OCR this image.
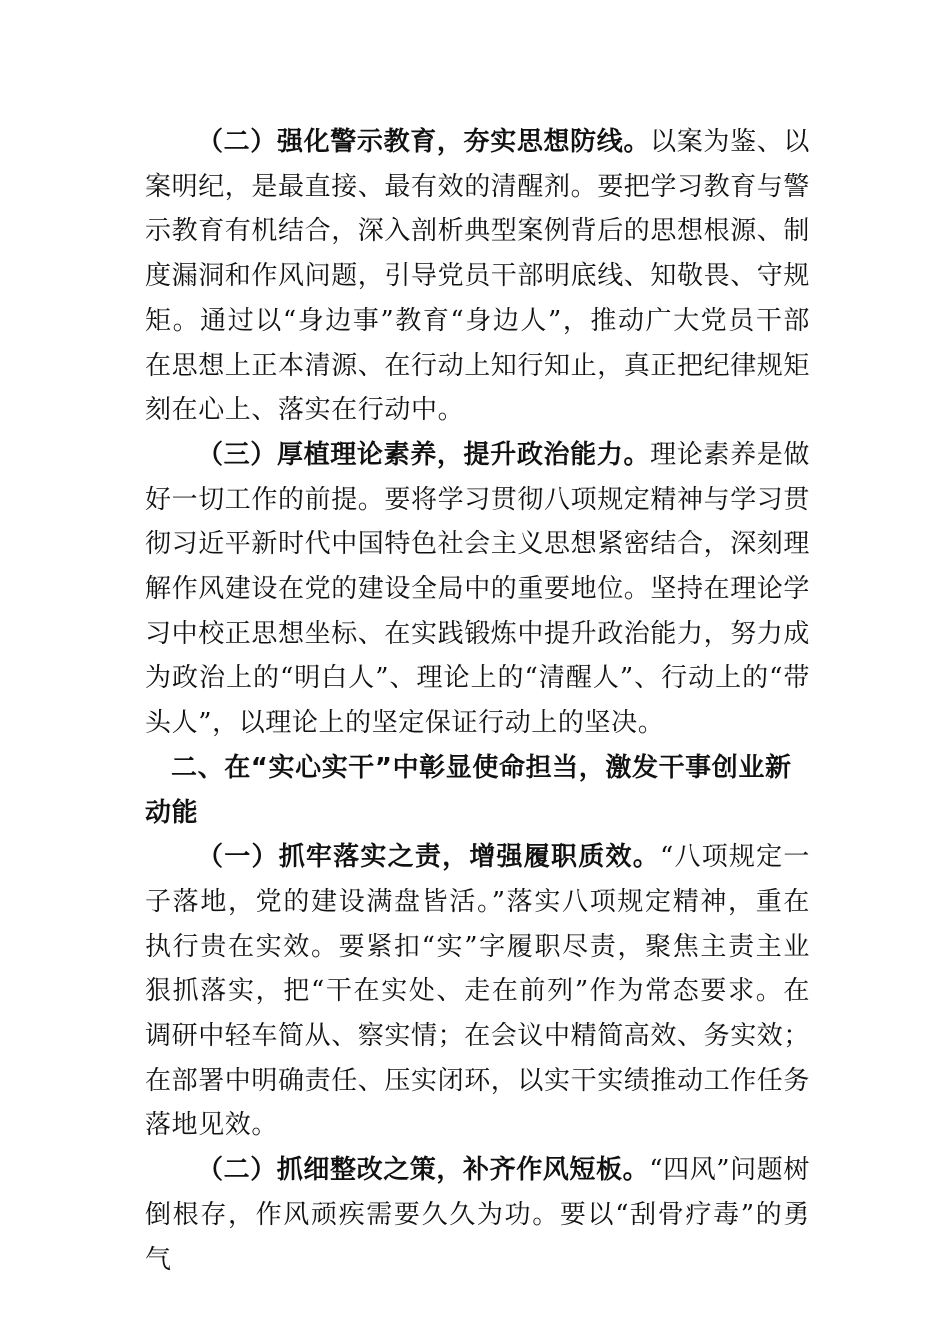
（二）强化警示教育，夯实思想防线。以案为鉴、以案明纪，是最直接、最有效的清醒剂。要把学习教育与警示教育有机结合，深入剖析典型案例背后的思想根源、制度漏洞和作风问题，引导党员干部明底线、知敬畏、守规矩。通过以“身边事”教育“身边人”，推动广大党员干部在思想上正本清源、在行动上知行知止，真正把纪律规矩刻在心上、落实在行动中。

（三）厚植理论素养，提升政治能力。理论素养是做好一切工作的前提。要将学习贯彻八项规定精神与学习贯彻习近平新时代中国特色社会主义思想紧密结合，深刻理解作风建设在党的建设全局中的重要地位。坚持在理论学习中校正思想坐标、在实践锻炼中提升政治能力，努力成为政治上的“明白人”、理论上的“清醒人”、行动上的“带头人”，以理论上的坚定保证行动上的坚决。

二、在“实心实干”中彰显使命担当，激发干事创业新动能

（一）抓牢落实之责，增强履职质效。“八项规定一子落地，党的建设满盘皆活。”落实八项规定精神，重在执行贵在实效。要紧扣“实”字履职尽责，聚焦主责主业狠抓落实，把“干在实处、走在前列”作为常态要求。在调研中轻车简从、察实情；在会议中精简高效、务实效；在部署中明确责任、压实闭环，以实干实绩推动工作任务落地见效。

（二）抓细整改之策，补齐作风短板。“四风”问题树倒根存，作风顽疾需要久久为功。要以“刮骨疗毒”的勇气
